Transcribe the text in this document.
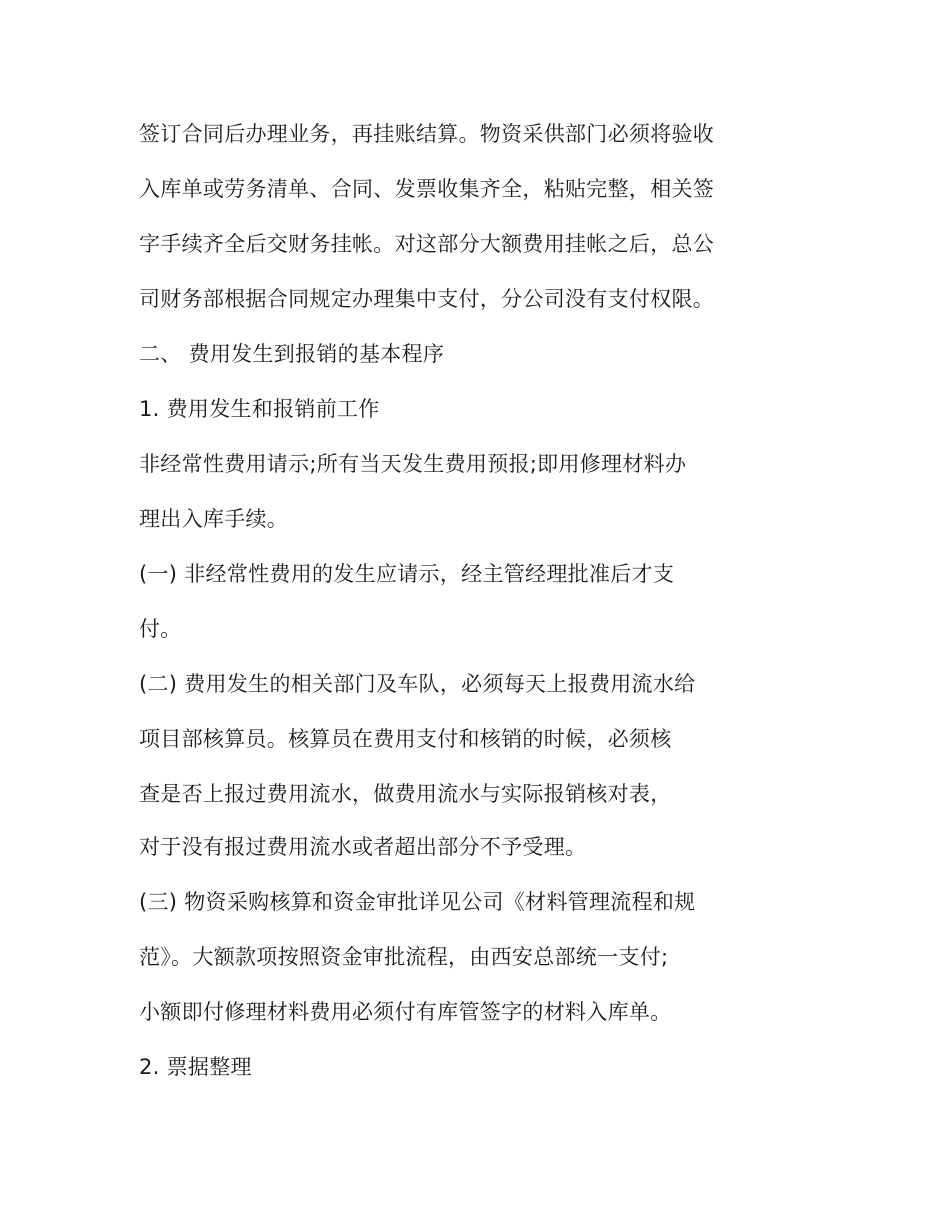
签订合同后办理业务，再挂账结算。物资采供部门必须将验收

入库单或劳务清单、合同、发票收集齐全，粘贴完整，相关签

字手续齐全后交财务挂帐。对这部分大额费用挂帐之后，总公

司财务部根据合同规定办理集中支付，分公司没有支付权限。

二、 费用发生到报销的基本程序

1. 费用发生和报销前工作

非经常性费用请示;所有当天发生费用预报;即用修理材料办

理出入库手续。

(一) 非经常性费用的发生应请示，经主管经理批准后才支

付。

(二) 费用发生的相关部门及车队，必须每天上报费用流水给

项目部核算员。核算员在费用支付和核销的时候，必须核

查是否上报过费用流水，做费用流水与实际报销核对表，

对于没有报过费用流水或者超出部分不予受理。

(三) 物资采购核算和资金审批详见公司《材料管理流程和规

范》。大额款项按照资金审批流程，由西安总部统一支付;

小额即付修理材料费用必须付有库管签字的材料入库单。

2. 票据整理
